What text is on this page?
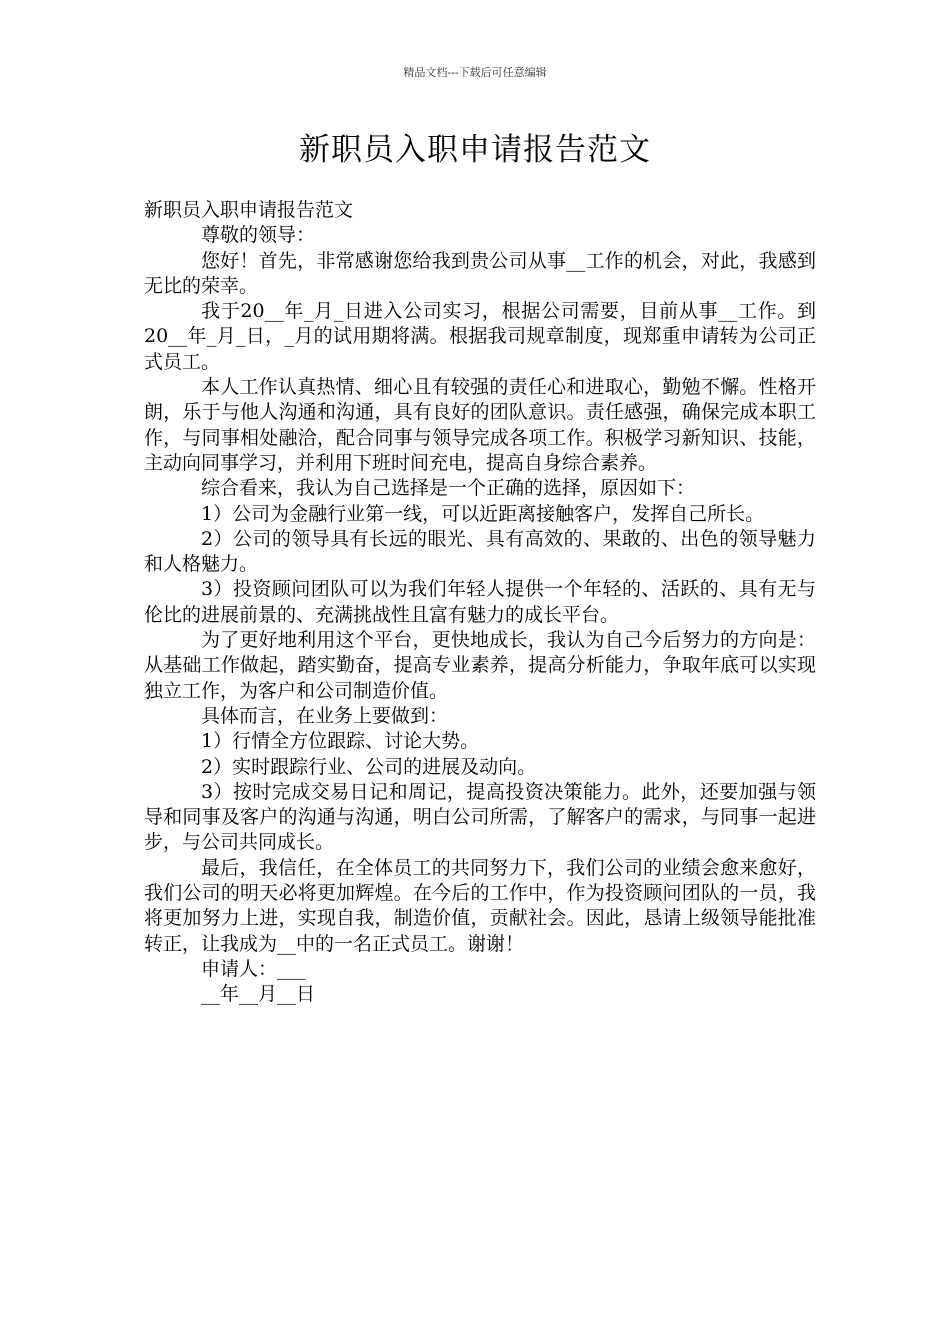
精品文档---下载后可任意编辑
新职员入职申请报告范文

新职员入职申请报告范文

尊敬的领导：

您好！首先，非常感谢您给我到贵公司从事__工作的机会，对此，我感到无比的荣幸。

我于20__年_月_日进入公司实习，根据公司需要，目前从事__工作。到20__年_月_日，_月的试用期将满。根据我司规章制度，现郑重申请转为公司正式员工。

本人工作认真热情、细心且有较强的责任心和进取心，勤勉不懈。性格开朗，乐于与他人沟通和沟通，具有良好的团队意识。责任感强，确保完成本职工作，与同事相处融洽，配合同事与领导完成各项工作。积极学习新知识、技能，主动向同事学习，并利用下班时间充电，提高自身综合素养。

综合看来，我认为自己选择是一个正确的选择，原因如下：

1）公司为金融行业第一线，可以近距离接触客户，发挥自己所长。

2）公司的领导具有长远的眼光、具有高效的、果敢的、出色的领导魅力和人格魅力。

3）投资顾问团队可以为我们年轻人提供一个年轻的、活跃的、具有无与伦比的进展前景的、充满挑战性且富有魅力的成长平台。

为了更好地利用这个平台，更快地成长，我认为自己今后努力的方向是：从基础工作做起，踏实勤奋，提高专业素养，提高分析能力，争取年底可以实现独立工作，为客户和公司制造价值。

具体而言，在业务上要做到：

1）行情全方位跟踪、讨论大势。

2）实时跟踪行业、公司的进展及动向。

3）按时完成交易日记和周记，提高投资决策能力。此外，还要加强与领导和同事及客户的沟通与沟通，明白公司所需，了解客户的需求，与同事一起进步，与公司共同成长。

最后，我信任，在全体员工的共同努力下，我们公司的业绩会愈来愈好，我们公司的明天必将更加辉煌。在今后的工作中，作为投资顾问团队的一员，我将更加努力上进，实现自我，制造价值，贡献社会。因此，恳请上级领导能批准转正，让我成为__中的一名正式员工。谢谢！

申请人：___

__年__月__日
